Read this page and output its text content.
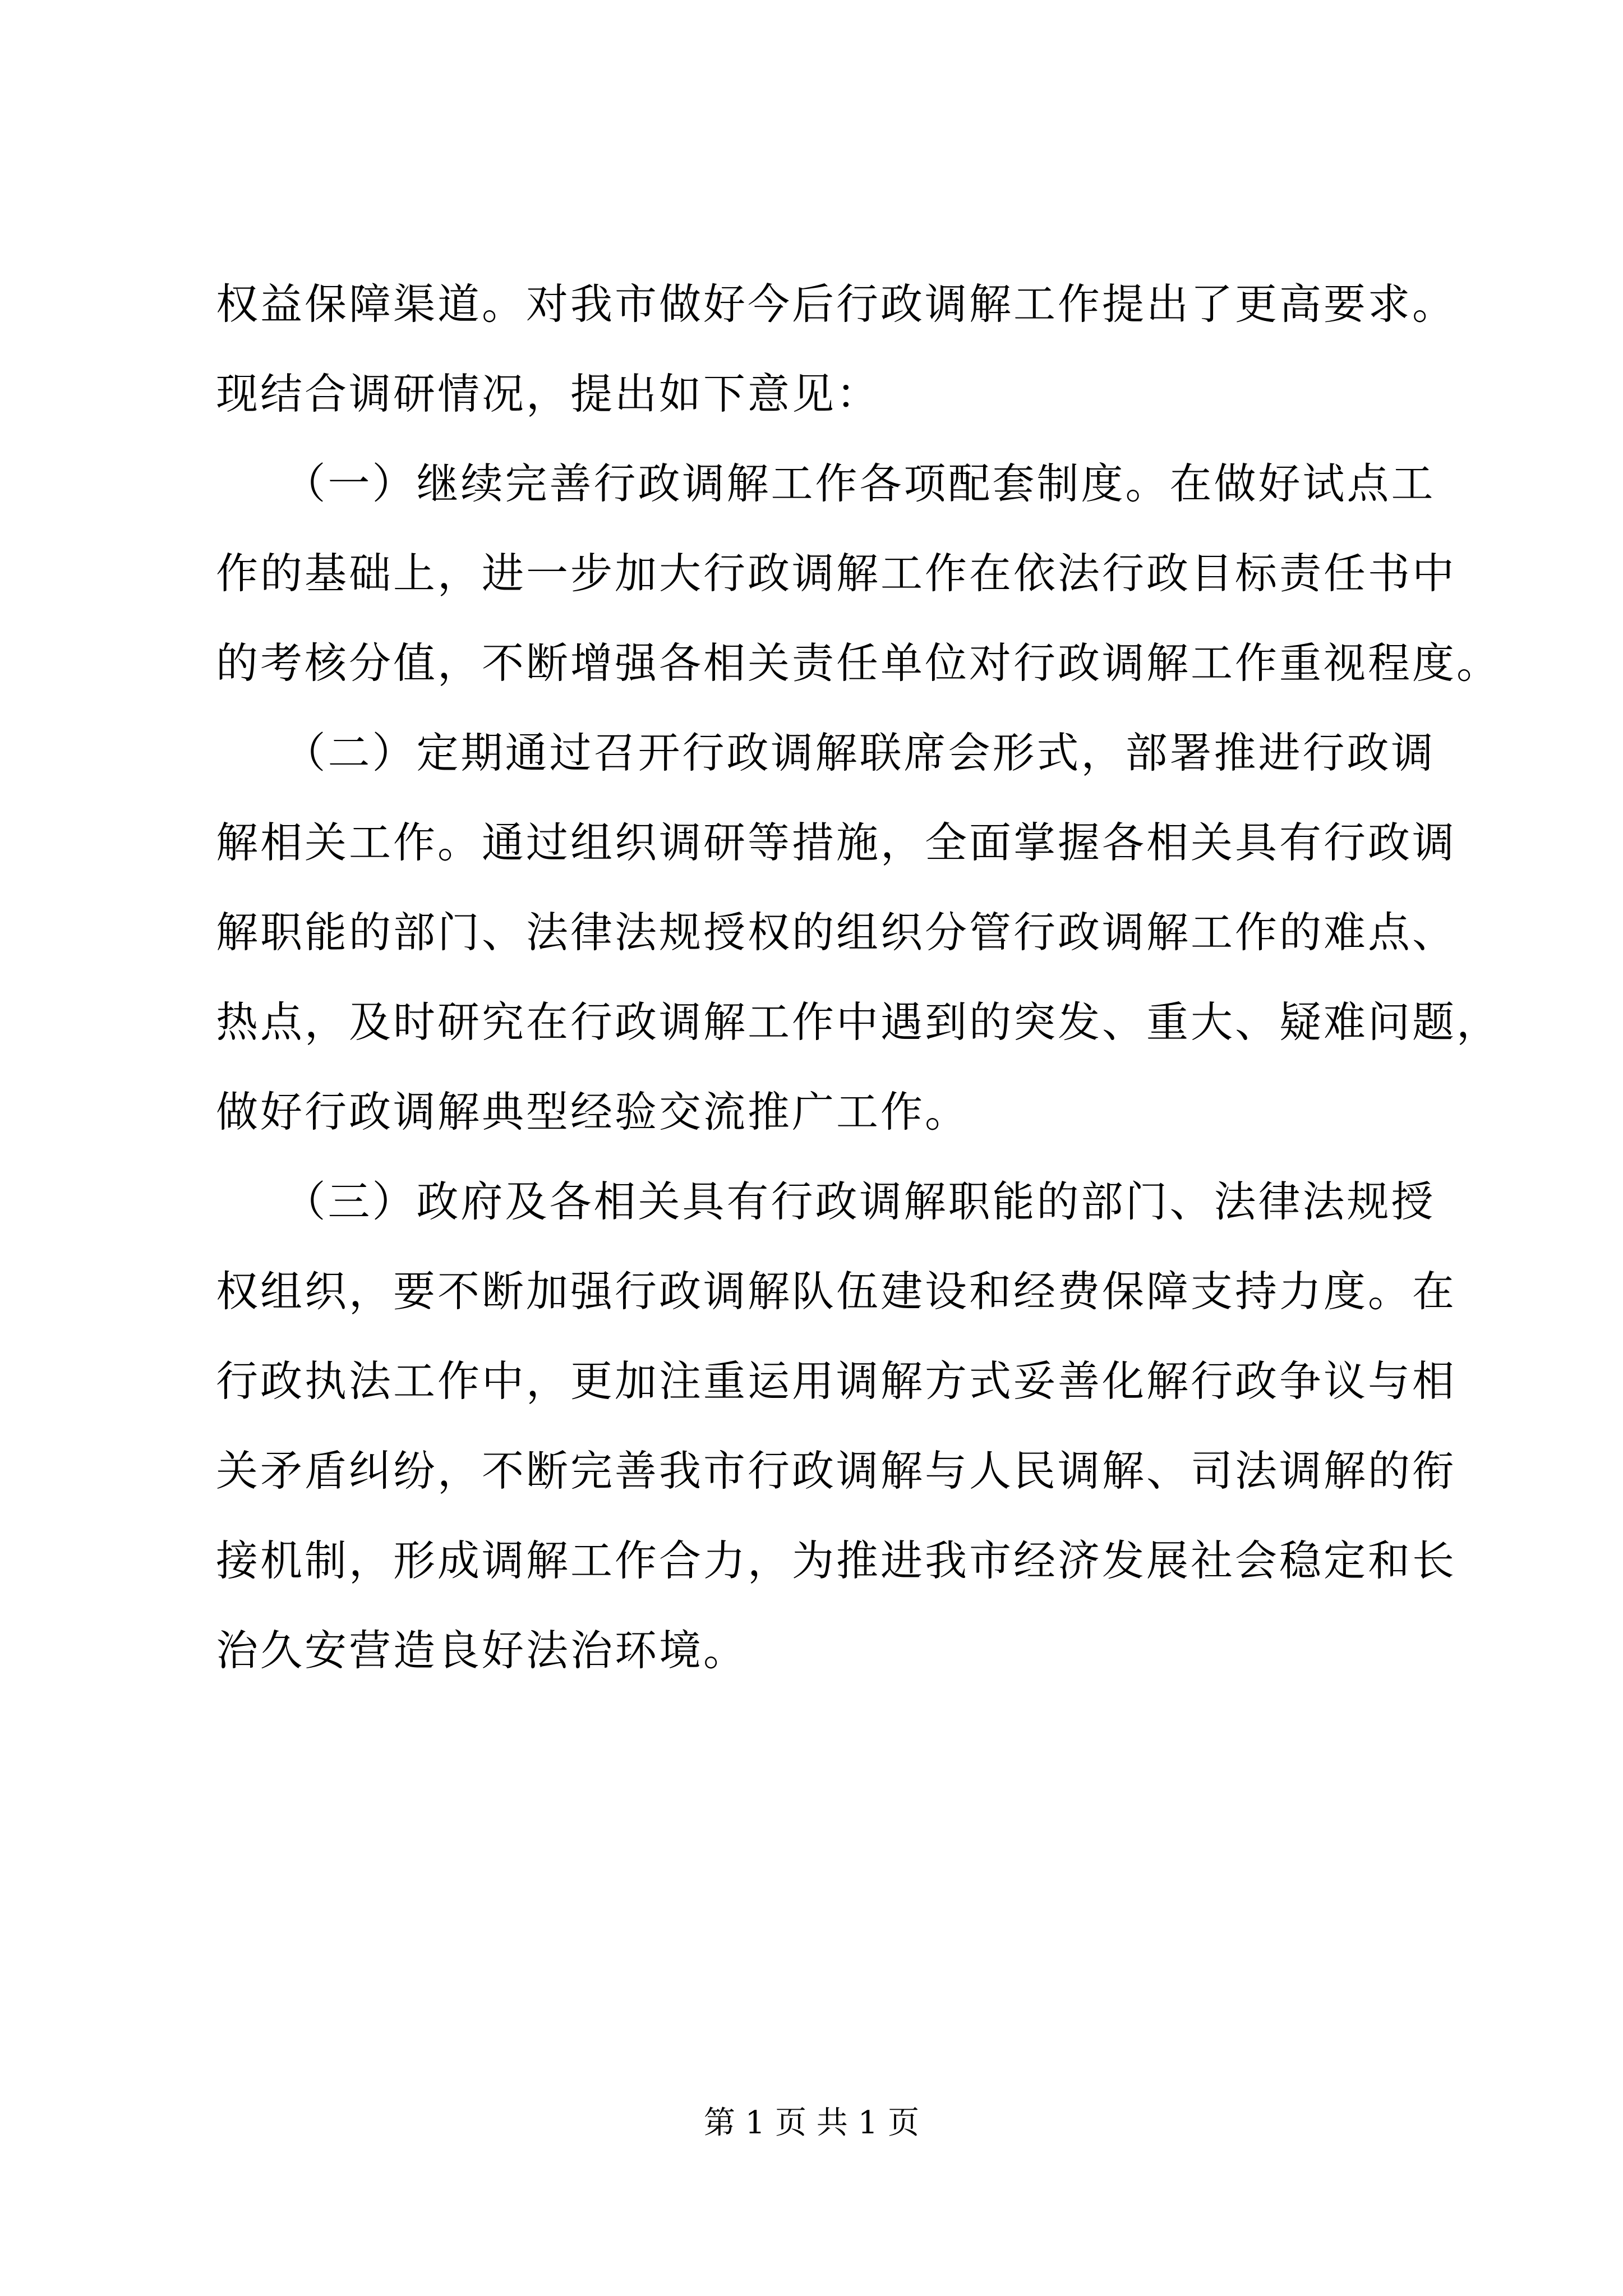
权益保障渠道。对我市做好今后行政调解工作提出了更高要求。
现结合调研情况，提出如下意见：
　　（一）继续完善行政调解工作各项配套制度。在做好试点工
作的基础上，进一步加大行政调解工作在依法行政目标责任书中
的考核分值，不断增强各相关责任单位对行政调解工作重视程度。
　　（二）定期通过召开行政调解联席会形式，部署推进行政调
解相关工作。通过组织调研等措施，全面掌握各相关具有行政调
解职能的部门、法律法规授权的组织分管行政调解工作的难点、
热点，及时研究在行政调解工作中遇到的突发、重大、疑难问题，
做好行政调解典型经验交流推广工作。
　　（三）政府及各相关具有行政调解职能的部门、法律法规授
权组织，要不断加强行政调解队伍建设和经费保障支持力度。在
行政执法工作中，更加注重运用调解方式妥善化解行政争议与相
关矛盾纠纷，不断完善我市行政调解与人民调解、司法调解的衔
接机制，形成调解工作合力，为推进我市经济发展社会稳定和长
治久安营造良好法治环境。
第 1 页 共 1 页
